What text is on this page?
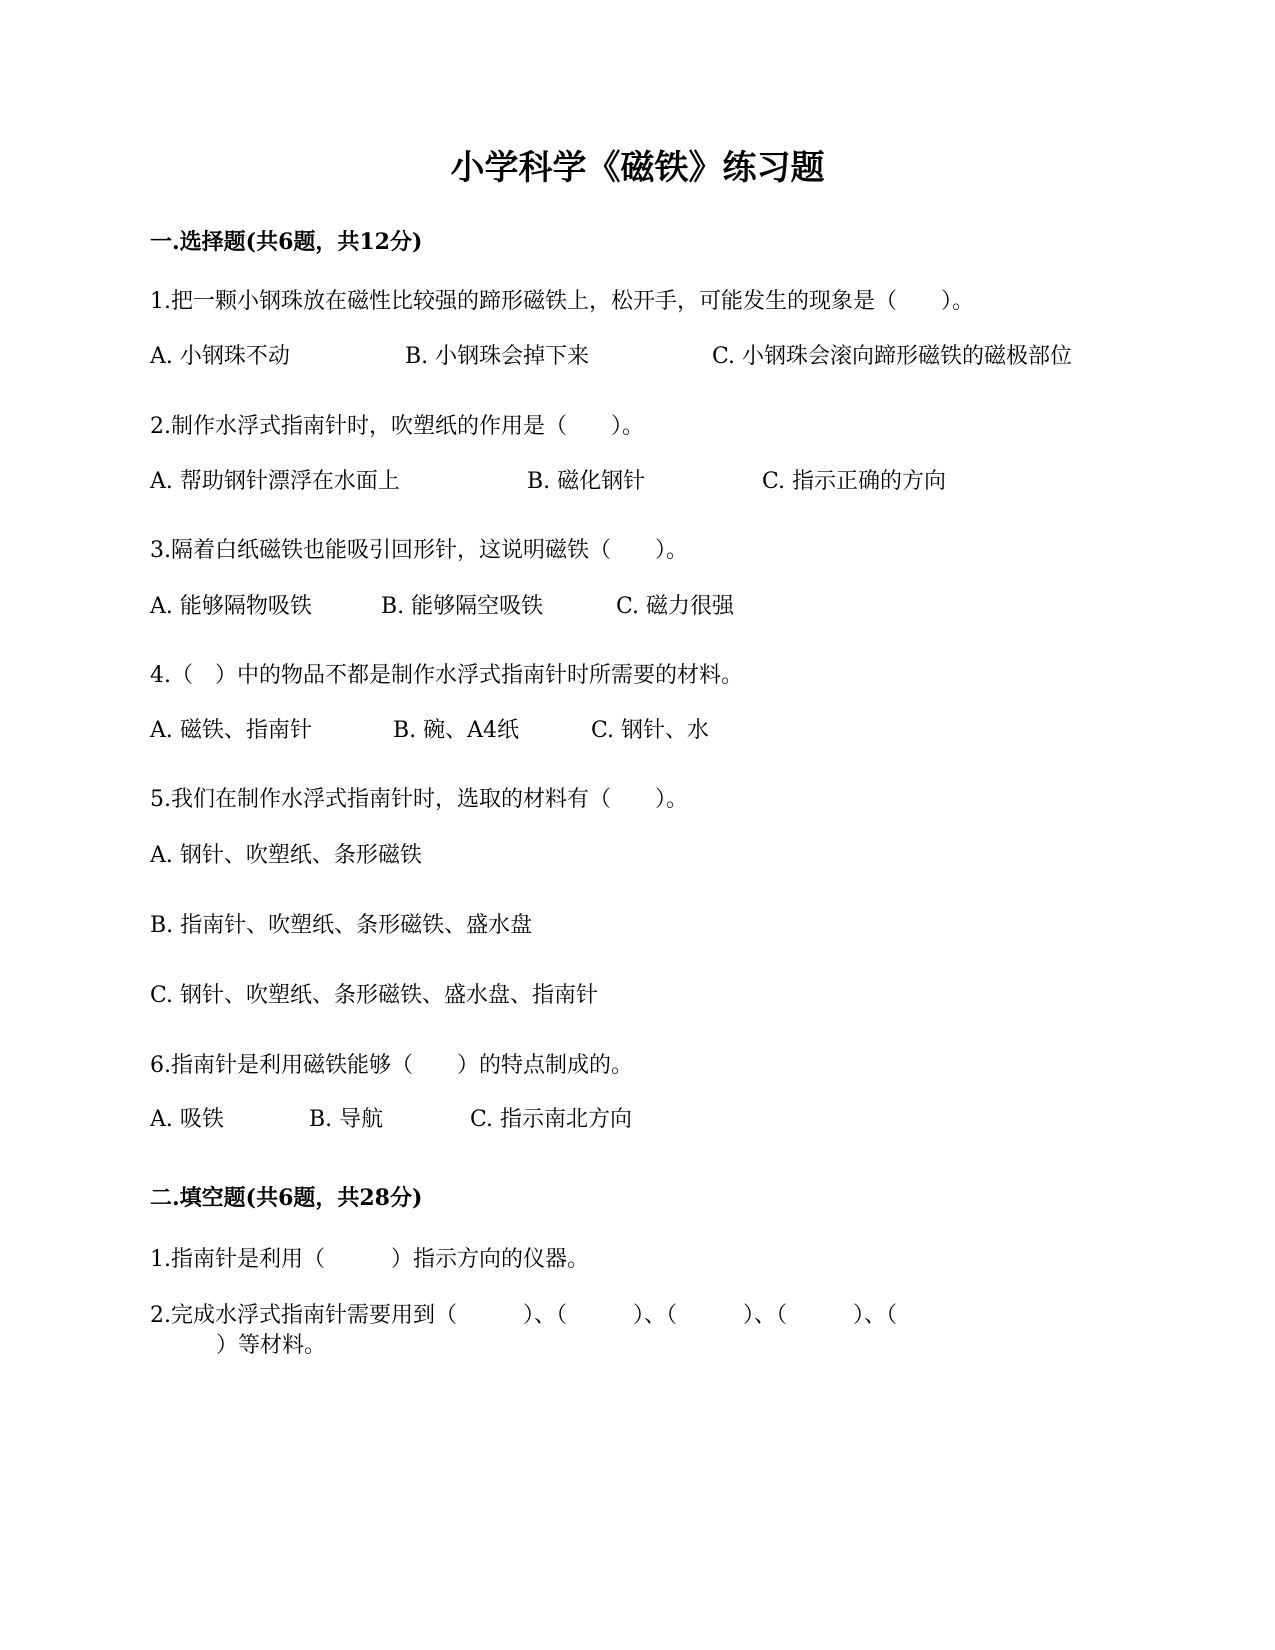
小学科学《磁铁》练习题
一.选择题(共6题，共12分)
1.把一颗小钢珠放在磁性比较强的蹄形磁铁上，松开手，可能发生的现象是（　　）。
A. 小钢珠不动	B. 小钢珠会掉下来	C. 小钢珠会滚向蹄形磁铁的磁极部位
2.制作水浮式指南针时，吹塑纸的作用是（　　）。
A. 帮助钢针漂浮在水面上	B. 磁化钢针	C. 指示正确的方向
3.隔着白纸磁铁也能吸引回形针，这说明磁铁（　　）。
A. 能够隔物吸铁	B. 能够隔空吸铁	C. 磁力很强
4.（　）中的物品不都是制作水浮式指南针时所需要的材料。
A. 磁铁、指南针	B. 碗、A4纸	C. 钢针、水
5.我们在制作水浮式指南针时，选取的材料有（　　）。
A. 钢针、吹塑纸、条形磁铁
B. 指南针、吹塑纸、条形磁铁、盛水盘
C. 钢针、吹塑纸、条形磁铁、盛水盘、指南针
6.指南针是利用磁铁能够（　　）的特点制成的。
A. 吸铁	B. 导航	C. 指示南北方向
二.填空题(共6题，共28分)
1.指南针是利用（　　　）指示方向的仪器。
2.完成水浮式指南针需要用到（　　　）、（　　　）、（　　　）、（　　　）、（
　　　）等材料。
